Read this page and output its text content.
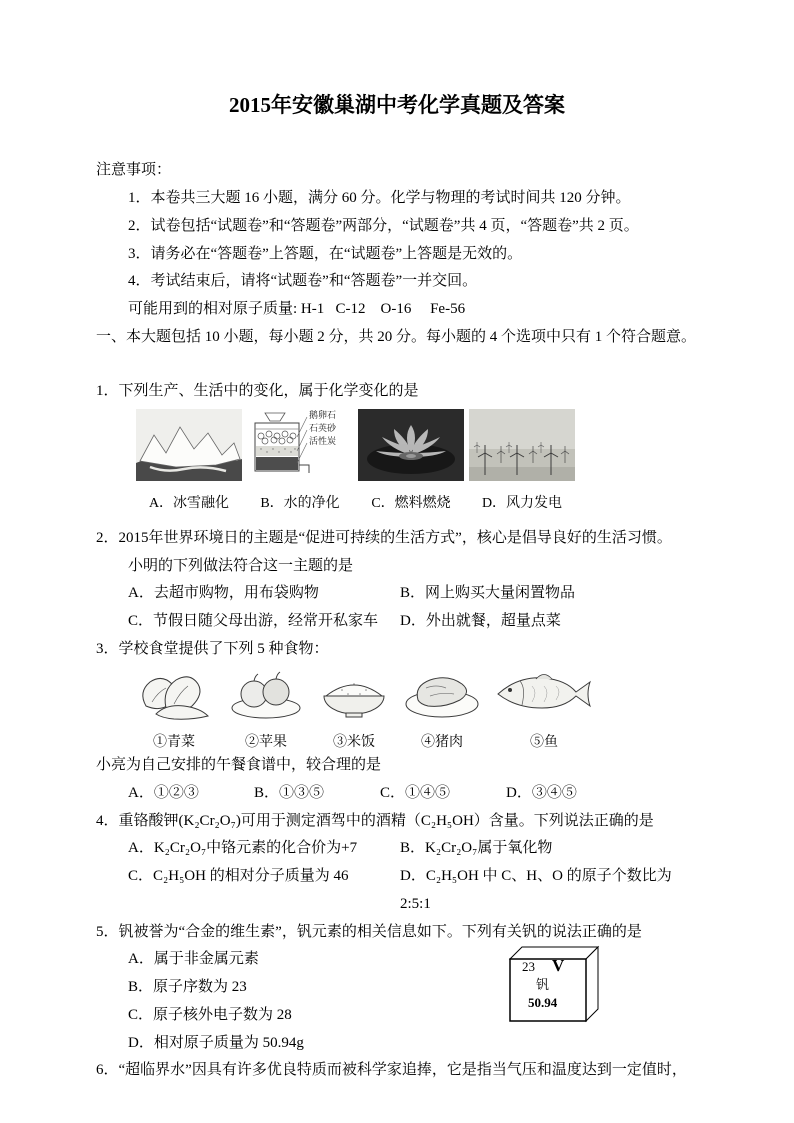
2015年安徽巢湖中考化学真题及答案
注意事项：
1．本卷共三大题 16 小题，满分 60 分。化学与物理的考试时间共 120 分钟。
2．试卷包括“试题卷”和“答题卷”两部分，“试题卷”共 4 页，“答题卷”共 2 页。
3．请务必在“答题卷”上答题，在“试题卷”上答题是无效的。
4．考试结束后，请将“试题卷”和“答题卷”一并交回。
可能用到的相对原子质量: H-1   C-12    O-16     Fe-56
一、本大题包括 10 小题，每小题 2 分，共 20 分。每小题的 4 个选项中只有 1 个符合题意。
1．下列生产、生活中的变化，属于化学变化的是
A．冰雪融化
鹅卵石
石英砂
活性炭
B．水的净化	C．燃料燃烧	D．风力发电
2．2015年世界环境日的主题是“促进可持续的生活方式”，核心是倡导良好的生活习惯。
小明的下列做法符合这一主题的是
A．去超市购物，用布袋购物	B．网上购买大量闲置物品
C．节假日随父母出游，经常开私家车	D．外出就餐，超量点菜
3．学校食堂提供了下列 5 种食物：
①青菜	②苹果	③米饭	④猪肉	⑤鱼
小亮为自己安排的午餐食谱中，较合理的是
A．①②③	B．①③⑤	C．①④⑤	D．③④⑤
4．重铬酸钾(K₂Cr₂O₇)可用于测定酒驾中的酒精（C₂H₅OH）含量。下列说法正确的是
A．K₂Cr₂O₇中铬元素的化合价为+7	B．K₂Cr₂O₇属于氧化物
C．C₂H₅OH 的相对分子质量为 46	D．C₂H₅OH 中 C、H、O 的原子个数比为 2:5:1
5．钒被誉为“合金的维生素”，钒元素的相关信息如下。下列有关钒的说法正确的是
A．属于非金属元素
B．原子序数为 23
C．原子核外电子数为 28
D．相对原子质量为 50.94g
23 V
钒
50.94
6．“超临界水”因具有许多优良特质而被科学家追捧，它是指当气压和温度达到一定值时，
